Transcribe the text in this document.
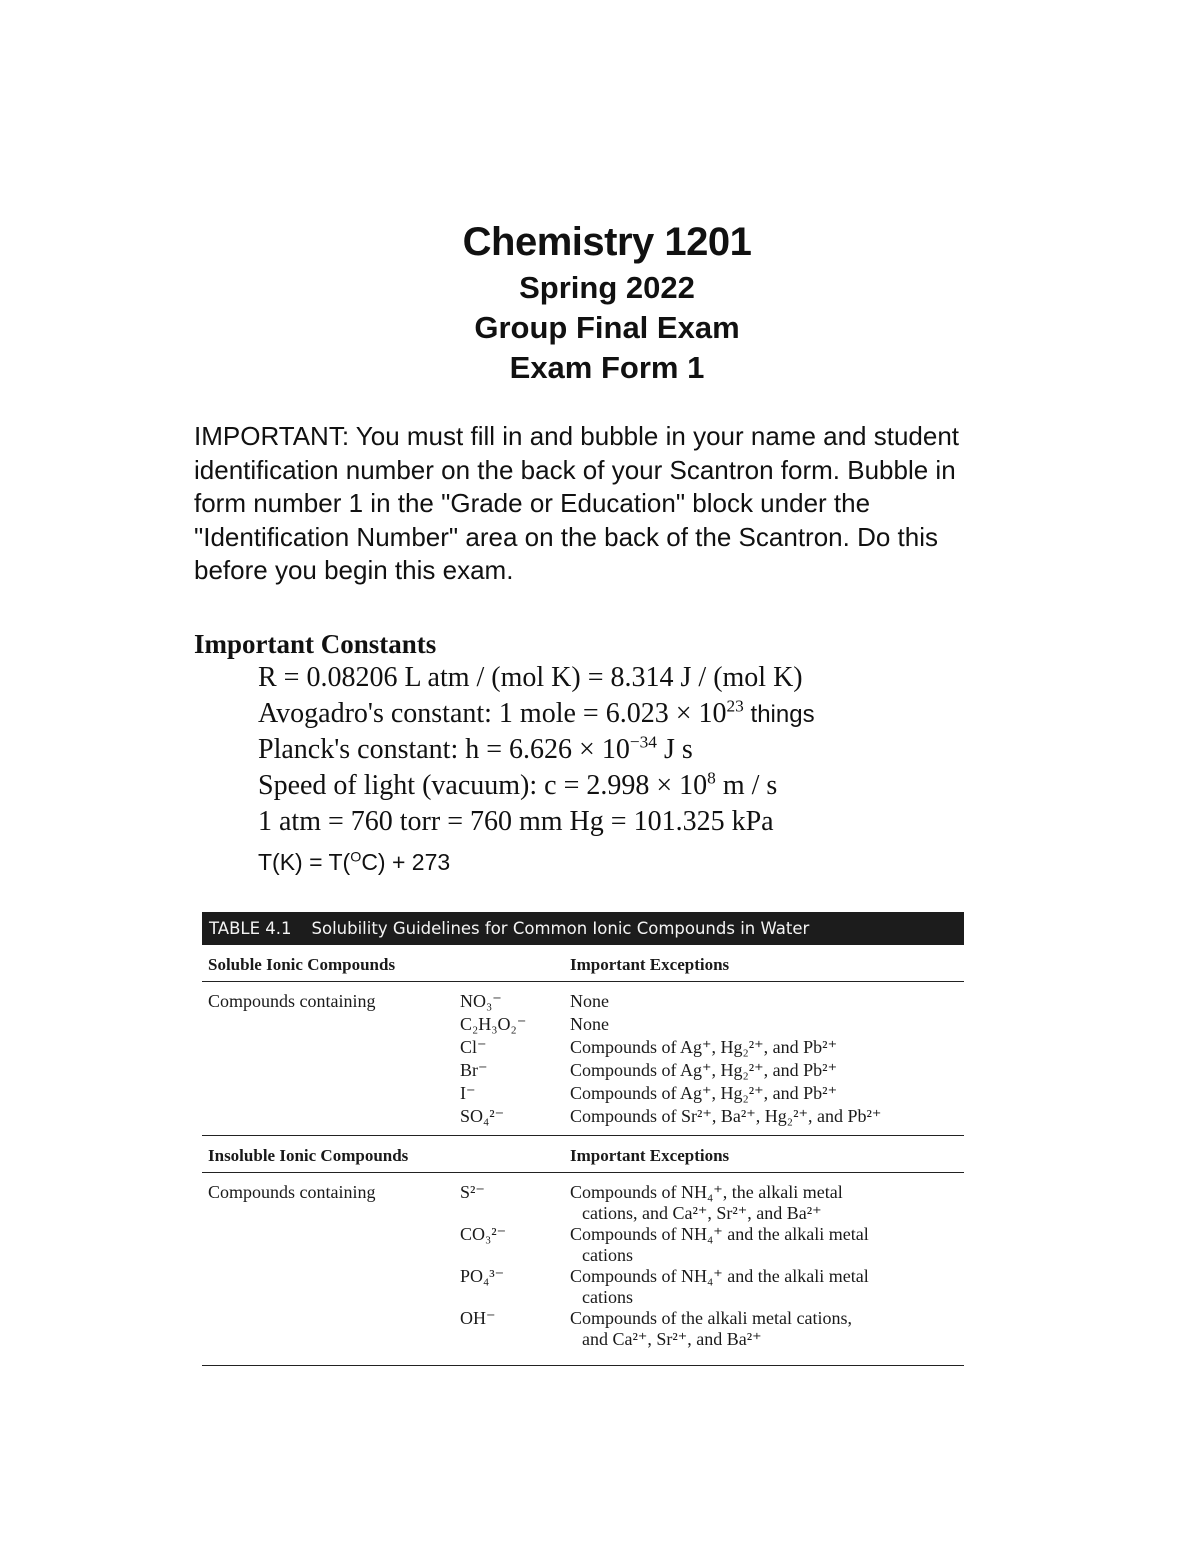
Chemistry 1201
Spring 2022
Group Final Exam
Exam Form 1

IMPORTANT: You must fill in and bubble in your name and student identification number on the back of your Scantron form. Bubble in form number 1 in the "Grade or Education" block under the "Identification Number" area on the back of the Scantron. Do this before you begin this exam.

Important Constants
R = 0.08206 L atm / (mol K) = 8.314 J / (mol K)
Avogadro's constant: 1 mole = $6.023 \times 10^{23}$ things
Planck's constant: $h = 6.626 \times 10^{-34}$ J s
Speed of light (vacuum): $c = 2.998 \times 10^8$ m / s
1 atm = 760 torr = 760 mm Hg = 101.325 kPa
T(K) = T($^O$C) + 273
TABLE 4.1 Solubility Guidelines for Common Ionic Compounds in Water
Soluble Ionic Compounds	Important Exceptions
Compounds containing	NO₃⁻	None
C₂H₃O₂⁻ None
Cl⁻	Compounds of Ag⁺, Hg₂²⁺, and Pb²⁺
Br⁻	Compounds of Ag⁺, Hg₂²⁺, and Pb²⁺
I⁻	Compounds of Ag⁺, Hg₂²⁺, and Pb²⁺
SO₄²⁻	Compounds of Sr²⁺, Ba²⁺, Hg₂²⁺, and Pb²⁺
Insoluble Ionic Compounds	Important Exceptions
Compounds containing	S²⁻	Compounds of NH₄⁺, the alkali metal
cations, and Ca²⁺, Sr²⁺, and Ba²⁺
CO₃²⁻	Compounds of NH₄⁺ and the alkali metal
cations
PO₄³⁻	Compounds of NH₄⁺ and the alkali metal
cations
OH⁻	Compounds of the alkali metal cations,
and Ca²⁺, Sr²⁺, and Ba²⁺
